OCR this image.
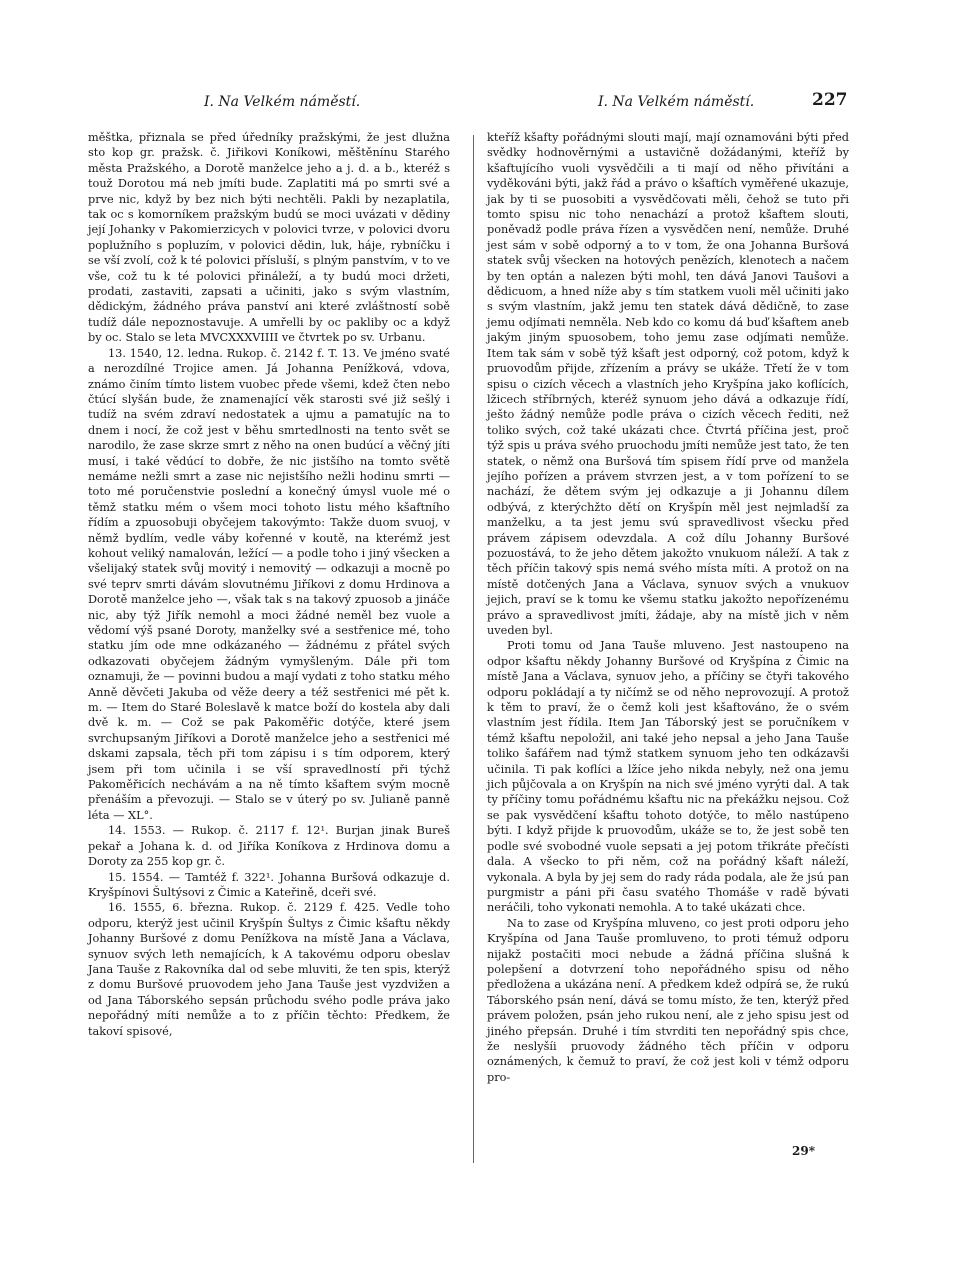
I. Na Velkém náměstí.	I. Na Velkém náměstí.	227

měštka, přiznala se před úředníky pražskými, že jest dlužna sto kop gr. pražsk. č. Jiřikovi Koníkowi, měštěnínu Starého města Pražského, a Dorotě manželce jeho a j. d. a b., kteréž s touž Dorotou má neb jmíti bude. Zaplatiti má po smrti své a prve nic, když by bez nich býti nechtěli. Pakli by nezaplatila, tak oc s komorníkem pražským budú se moci uvázati v dědiny její Johanky v Pakomierzicych v polovici tvrze, v polovici dvoru poplužního s popluzím, v polovici dědin, luk, háje, rybníčku i se vší zvolí, což k té polovici přísluší, s plným panstvím, v to ve vše, což tu k té polovici přináleží, a ty budú moci držeti, prodati, zastaviti, zapsati a učiniti, jako s svým vlastním, dědickým, žádného práva panství ani které zvláštností sobě tudíž dále nepoznostavuje. A umřelli by oc pakliby oc a když by oc. Stalo se leta MVCXXXVIIII ve čtvrtek po sv. Urbanu.

13. 1540, 12. ledna. Rukop. č. 2142 f. T. 13. Ve jméno svaté a nerozdílné Trojice amen. Já Johanna Penížková, vdova, známo činím tímto listem vuobec přede všemi, kdež čten nebo čtúcí slyšán bude, že znamenající věk starosti své již sešlý i tudíž na svém zdraví nedostatek a ujmu a pamatujíc na to dnem i nocí, že což jest v běhu smrtedlnosti na tento svět se narodilo, že zase skrze smrt z něho na onen budúcí a věčný jíti musí, i také vědúcí to dobře, že nic jistšího na tomto světě nemáme nežli smrt a zase nic nejistšího nežli hodinu smrti — toto mé poručenstvie poslední a konečný úmysl vuole mé o těmž statku mém o všem moci tohoto listu mého kšaftního řídím a zpuosobuji obyčejem takovýmto: Takže duom svuoj, v němž bydlím, vedle váby kořenné v koutě, na kterémž jest kohout veliký namalován, ležící — a podle toho i jiný všecken a všelijaký statek svůj movitý i nemovitý — odkazuji a mocně po své teprv smrti dávám slovutnému Jiříkovi z domu Hrdinova a Dorotě manželce jeho —, však tak s na takový zpuosob a jináče nic, aby týž Jiřík nemohl a moci žádné neměl bez vuole a vědomí výš psané Doroty, manželky své a sestřenice mé, toho statku jím ode mne odkázaného — žádnému z přátel svých odkazovati obyčejem žádným vymyšleným. Dále při tom oznamuji, že — povinni budou a mají vydati z toho statku mého Anně děvčeti Jakuba od věže deery a též sestřenici mé pět k. m. — Item do Staré Boleslavě k matce boží do kostela aby dali dvě k. m. — Což se pak Pakoměřic dotýče, které jsem svrchupsaným Jiříkovi a Dorotě manželce jeho a sestřenici mé dskami zapsala, těch při tom zápisu i s tím odporem, který jsem při tom učinila i se vší spravedlností při týchž Pakoměřicích nechávám a na ně tímto kšaftem svým mocně přenáším a převozuji. — Stalo se v úterý po sv. Julianě panně léta — XL°.

14. 1553. — Rukop. č. 2117 f. 12¹. Burjan jinak Bureš pekař a Johana k. d. od Jiříka Koníkova z Hrdinova domu a Doroty za 255 kop gr. č.

15. 1554. — Tamtéž f. 322¹. Johanna Buršová odkazuje d. Kryšpínovi Šultýsovi z Čimic a Kateřině, dceři své.

16. 1555, 6. března. Rukop. č. 2129 f. 425. Vedle toho odporu, kterýž jest učinil Kryšpín Šultys z Čimic kšaftu někdy Johanny Buršové z domu Penížkova na místě Jana a Václava, synuov svých leth nemajících, k A takovému odporu obeslav Jana Tauše z Rakovníka dal od sebe mluviti, že ten spis, kterýž z domu Buršové pruovodem jeho Jana Tauše jest vyzdvižen a od Jana Táborského sepsán průchodu svého podle práva jako nepořádný míti nemůže a to z příčin těchto: Předkem, že takoví spisové,

kteříž kšafty pořádnými slouti mají, mají oznamováni býti před svědky hodnověrnými a ustavičně dožádanými, kteříž by kšaftujícího vuoli vysvědčili a ti mají od něho přivítáni a vyděkováni býti, jakž řád a právo o kšaftích vyměřené ukazuje, jak by ti se puosobiti a vysvědčovati měli, čehož se tuto při tomto spisu nic toho nenachází a protož kšaftem slouti, poněvadž podle práva řízen a vysvědčen není, nemůže. Druhé jest sám v sobě odporný a to v tom, že ona Johanna Buršová statek svůj všecken na hotových penězích, klenotech a načem by ten optán a nalezen býti mohl, ten dává Janovi Taušovi a dědicuom, a hned níže aby s tím statkem vuoli měl učiniti jako s svým vlastním, jakž jemu ten statek dává dědičně, to zase jemu odjímati nemněla. Neb kdo co komu dá buď kšaftem aneb jakým jiným spuosobem, toho jemu zase odjímati nemůže. Item tak sám v sobě týž kšaft jest odporný, což potom, když k pruovodům přijde, zřízením a právy se ukáže. Třetí že v tom spisu o cizích věcech a vlastních jeho Kryšpína jako koflících, lžicech stříbrných, kteréž synuom jeho dává a odkazuje řídí, ješto žádný nemůže podle práva o cizích věcech řediti, než toliko svých, což také ukázati chce. Čtvrtá příčina jest, proč týž spis u práva svého pruochodu jmíti nemůže jest tato, že ten statek, o němž ona Buršová tím spisem řídí prve od manžela jejího pořízen a právem stvrzen jest, a v tom pořízení to se nachází, že dětem svým jej odkazuje a ji Johannu dílem odbývá, z kterýchžto dětí on Kryšpín měl jest nejmladší za manželku, a ta jest jemu svú spravedlivost všecku před právem zápisem odevzdala. A což dílu Johanny Buršové pozuostává, to že jeho dětem jakožto vnukuom náleží. A tak z těch příčin takový spis nemá svého místa míti. A protož on na místě dotčených Jana a Václava, synuov svých a vnukuov jejich, praví se k tomu ke všemu statku jakožto nepořízenému právo a spravedlivost jmíti, žádaje, aby na místě jich v něm uveden byl.

Proti tomu od Jana Tauše mluveno. Jest nastoupeno na odpor kšaftu někdy Johanny Buršové od Kryšpína z Čimic na místě Jana a Václava, synuov jeho, a příčiny se čtyři takového odporu pokládají a ty ničímž se od něho neprovozují. A protož k těm to praví, že o čemž koli jest kšaftováno, že o svém vlastním jest řídila. Item Jan Táborský jest se poručníkem v témž kšaftu nepoložil, ani také jeho nepsal a jeho Jana Tauše toliko šafářem nad týmž statkem synuom jeho ten odkázavši učinila. Ti pak koflíci a lžíce jeho nikda nebyly, než ona jemu jich půjčovala a on Kryšpín na nich své jméno vyrýti dal. A tak ty příčiny tomu pořádnému kšaftu nic na překážku nejsou. Což se pak vysvědčení kšaftu tohoto dotýče, to mělo nastúpeno býti. I když přijde k pruovodům, ukáže se to, že jest sobě ten podle své svobodné vuole sepsati a jej potom třikráte přečísti dala. A všecko to při něm, což na pořádný kšaft náleží, vykonala. A byla by jej sem do rady ráda podala, ale že jsú pan purgmistr a páni při času svatého Thomáše v radě bývati neráčili, toho vykonati nemohla. A to také ukázati chce.

Na to zase od Kryšpína mluveno, co jest proti odporu jeho Kryšpína od Jana Tauše promluveno, to proti témuž odporu nijakž postačiti moci nebude a žádná příčina slušná k polepšení a dotvrzení toho nepořádného spisu od něho předložena a ukázána není. A předkem kdež odpírá se, že rukú Táborského psán není, dává se tomu místo, že ten, kterýž před právem položen, psán jeho rukou není, ale z jeho spisu jest od jiného přepsán. Druhé i tím stvrditi ten nepořádný spis chce, že neslyšíi pruovody žádného těch příčin v odporu oznámených, k čemuž to praví, že což jest koli v témž odporu pro-

29*
